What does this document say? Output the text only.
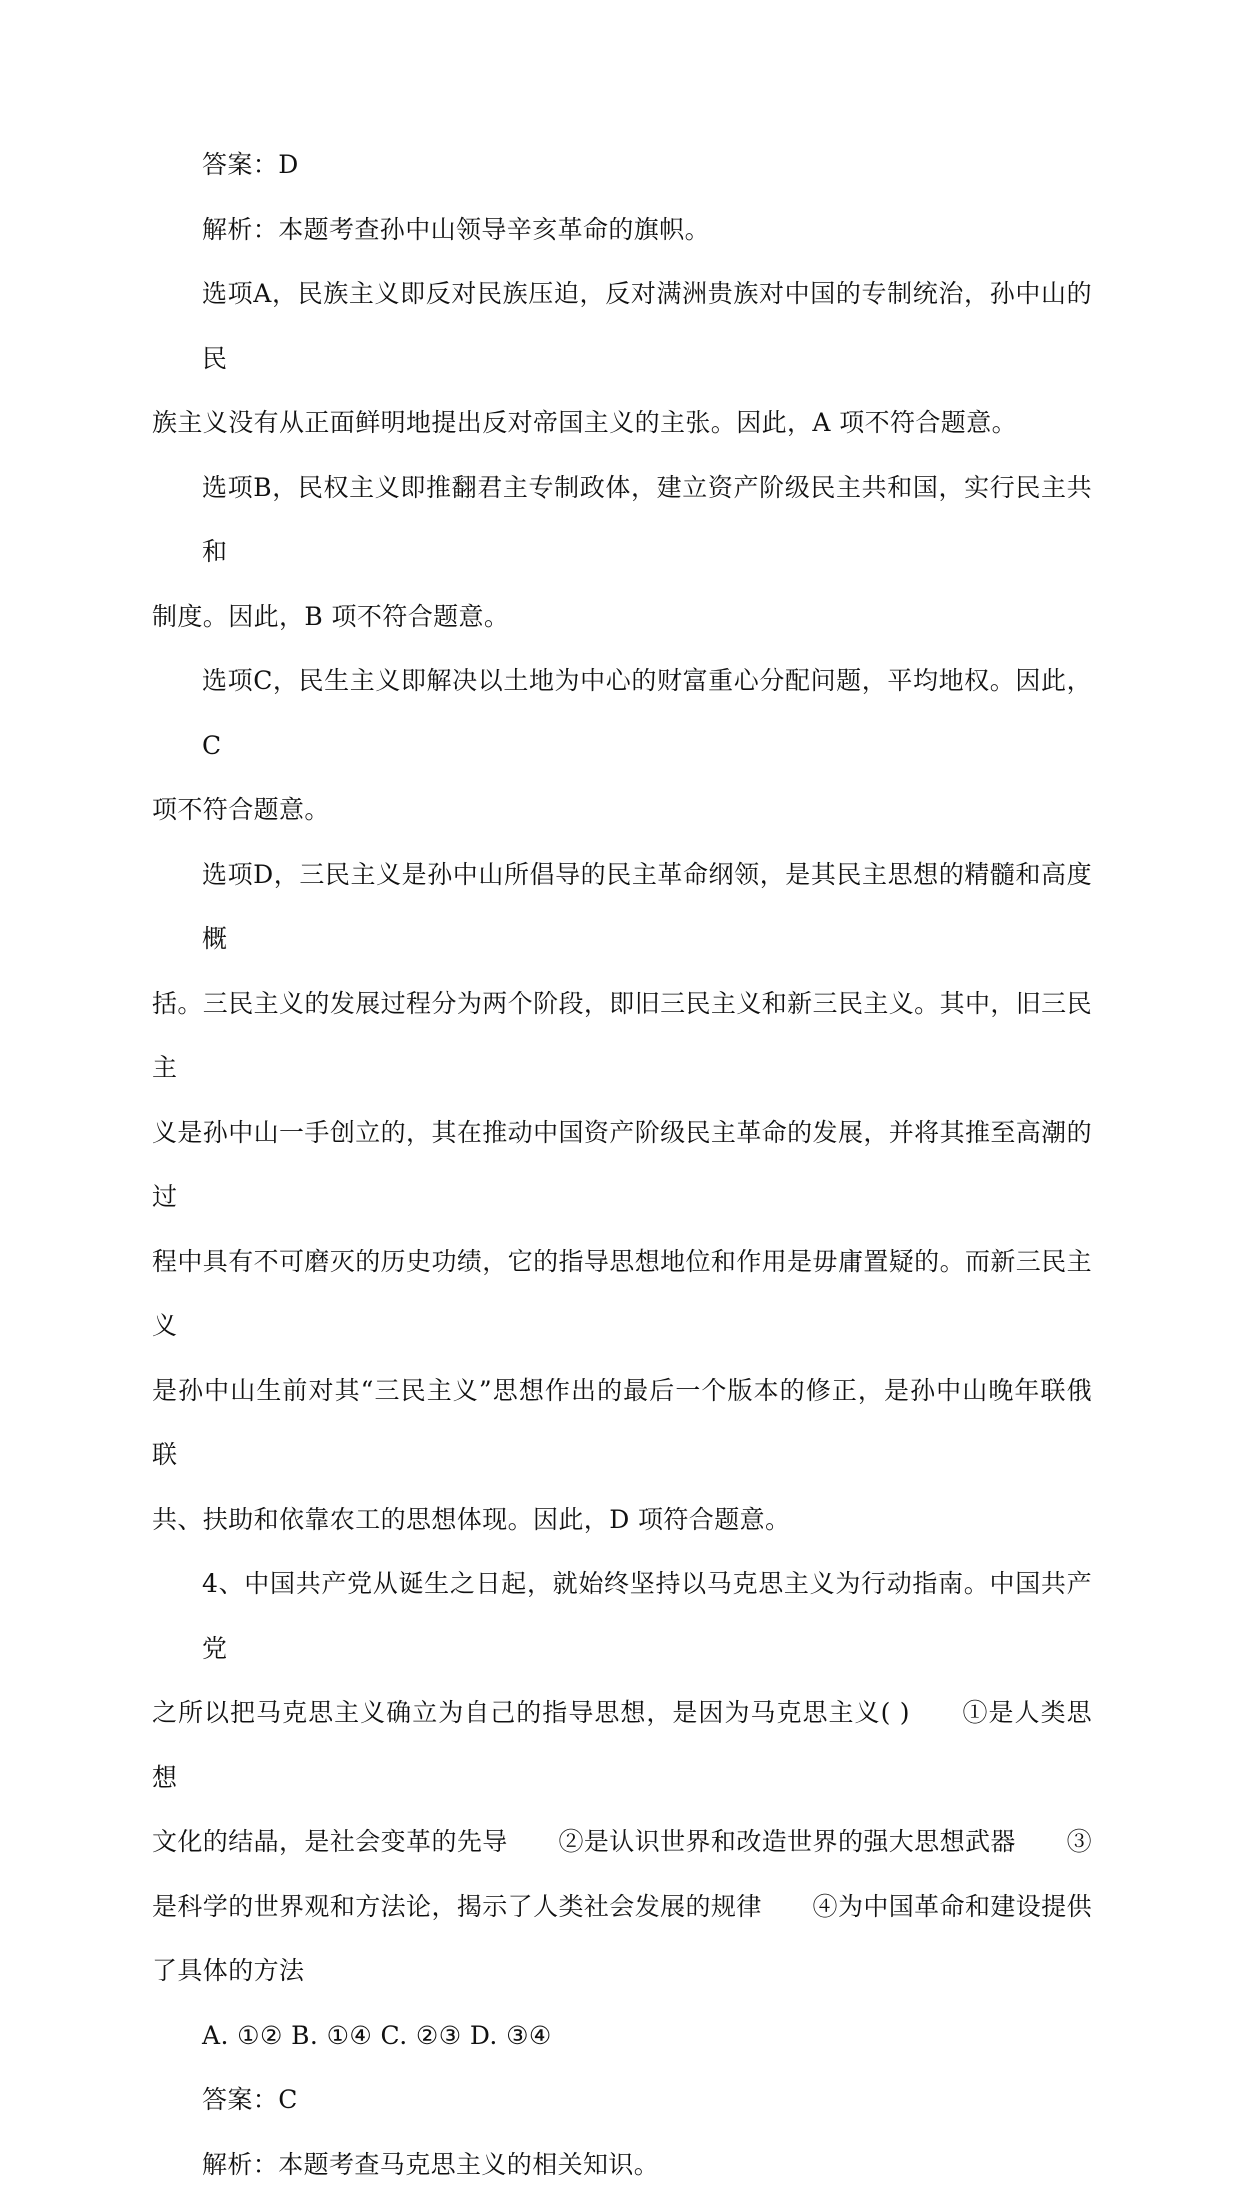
答案：D
解析：本题考查孙中山领导辛亥革命的旗帜。
选项A，民族主义即反对民族压迫，反对满洲贵族对中国的专制统治，孙中山的民
族主义没有从正面鲜明地提出反对帝国主义的主张。因此，A 项不符合题意。
选项B，民权主义即推翻君主专制政体，建立资产阶级民主共和国，实行民主共和
制度。因此，B 项不符合题意。
选项C，民生主义即解决以土地为中心的财富重心分配问题，平均地权。因此，C
项不符合题意。
选项D，三民主义是孙中山所倡导的民主革命纲领，是其民主思想的精髓和高度概
括。三民主义的发展过程分为两个阶段，即旧三民主义和新三民主义。其中，旧三民主
义是孙中山一手创立的，其在推动中国资产阶级民主革命的发展，并将其推至高潮的过
程中具有不可磨灭的历史功绩，它的指导思想地位和作用是毋庸置疑的。而新三民主义
是孙中山生前对其“三民主义”思想作出的最后一个版本的修正，是孙中山晚年联俄联
共、扶助和依靠农工的思想体现。因此，D 项符合题意。
4、中国共产党从诞生之日起，就始终坚持以马克思主义为行动指南。中国共产党
之所以把马克思主义确立为自己的指导思想，是因为马克思主义( )　　①是人类思想
文化的结晶，是社会变革的先导　　②是认识世界和改造世界的强大思想武器　　③
是科学的世界观和方法论，揭示了人类社会发展的规律　　④为中国革命和建设提供
了具体的方法
A. ①② B. ①④ C. ②③ D. ③④
答案：C
解析：本题考查马克思主义的相关知识。
